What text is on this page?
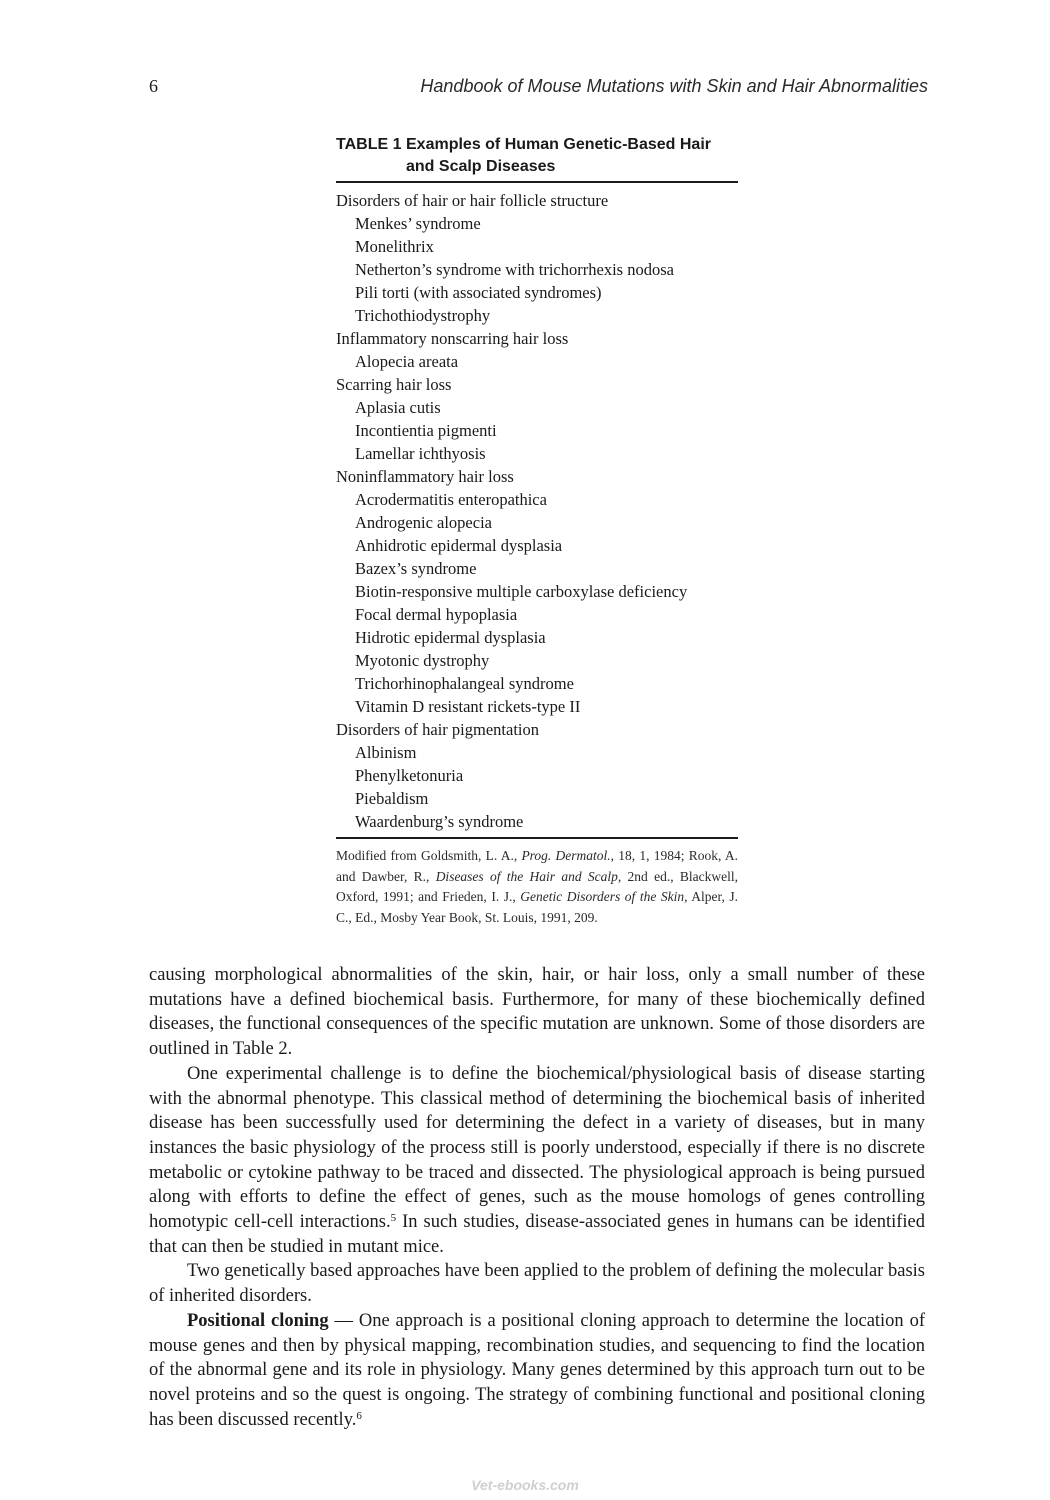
6	Handbook of Mouse Mutations with Skin and Hair Abnormalities
TABLE 1 Examples of Human Genetic-Based Hair and Scalp Diseases
Disorders of hair or hair follicle structure
Menkes’ syndrome
Monelithrix
Netherton’s syndrome with trichorrhexis nodosa
Pili torti (with associated syndromes)
Trichothiodystrophy
Inflammatory nonscarring hair loss
Alopecia areata
Scarring hair loss
Aplasia cutis
Incontientia pigmenti
Lamellar ichthyosis
Noninflammatory hair loss
Acrodermatitis enteropathica
Androgenic alopecia
Anhidrotic epidermal dysplasia
Bazex’s syndrome
Biotin-responsive multiple carboxylase deficiency
Focal dermal hypoplasia
Hidrotic epidermal dysplasia
Myotonic dystrophy
Trichorhinophalangeal syndrome
Vitamin D resistant rickets-type II
Disorders of hair pigmentation
Albinism
Phenylketonuria
Piebaldism
Waardenburg’s syndrome
Modified from Goldsmith, L. A., Prog. Dermatol., 18, 1, 1984; Rook, A. and Dawber, R., Diseases of the Hair and Scalp, 2nd ed., Blackwell, Oxford, 1991; and Frieden, I. J., Genetic Disorders of the Skin, Alper, J. C., Ed., Mosby Year Book, St. Louis, 1991, 209.

causing morphological abnormalities of the skin, hair, or hair loss, only a small number of these mutations have a defined biochemical basis. Furthermore, for many of these biochemically defined diseases, the functional consequences of the specific mutation are unknown. Some of those disorders are outlined in Table 2.

One experimental challenge is to define the biochemical/physiological basis of disease starting with the abnormal phenotype. This classical method of determining the biochemical basis of inherited disease has been successfully used for determining the defect in a variety of diseases, but in many instances the basic physiology of the process still is poorly understood, especially if there is no discrete metabolic or cytokine pathway to be traced and dissected. The physiological approach is being pursued along with efforts to define the effect of genes, such as the mouse homologs of genes controlling homotypic cell-cell interactions.$^5$ In such studies, disease-associated genes in humans can be identified that can then be studied in mutant mice.

Two genetically based approaches have been applied to the problem of defining the molecular basis of inherited disorders.

Positional cloning — One approach is a positional cloning approach to determine the location of mouse genes and then by physical mapping, recombination studies, and sequencing to find the location of the abnormal gene and its role in physiology. Many genes determined by this approach turn out to be novel proteins and so the quest is ongoing. The strategy of combining functional and positional cloning has been discussed recently.$^6$

Vet-ebooks.com
